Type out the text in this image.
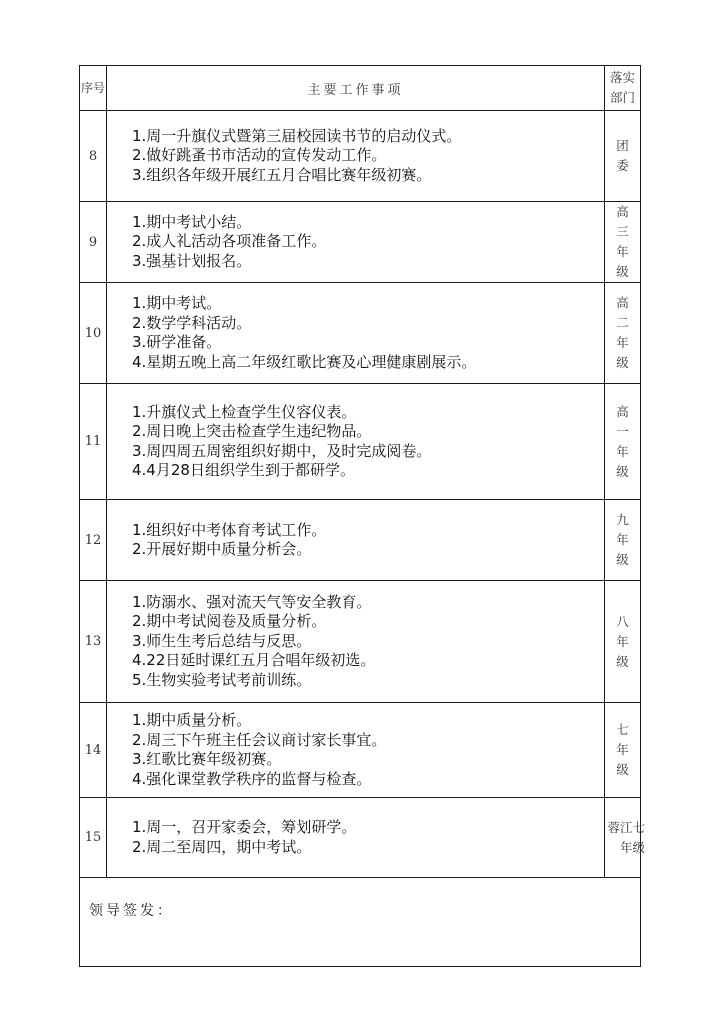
序号	主要工作事项	落实部门

8	1.周一升旗仪式暨第三届校园读书节的启动仪式。
2.做好跳蚤书市活动的宣传发动工作。
3.组织各年级开展红五月合唱比赛年级初赛。	团委

9	1.期中考试小结。
2.成人礼活动各项准备工作。
3.强基计划报名。	高三年级

10	1.期中考试。
2.数学学科活动。
3.研学准备。
4.星期五晚上高二年级红歌比赛及心理健康剧展示。	高二年级

11	1.升旗仪式上检查学生仪容仪表。
2.周日晚上突击检查学生违纪物品。
3.周四周五周密组织好期中，及时完成阅卷。
4.4月28日组织学生到于都研学。	高一年级

12	1.组织好中考体育考试工作。
2.开展好期中质量分析会。	九年级

13	1.防溺水、强对流天气等安全教育。
2.期中考试阅卷及质量分析。
3.师生生考后总结与反思。
4.22日延时课红五月合唱年级初选。
5.生物实验考试考前训练。	八年级

14	1.期中质量分析。
2.周三下午班主任会议商讨家长事宜。
3.红歌比赛年级初赛。
4.强化课堂教学秩序的监督与检查。	七年级

15	1.周一，召开家委会，筹划研学。
2.周二至周四，期中考试。	蓉江七年级

领导签发：		
